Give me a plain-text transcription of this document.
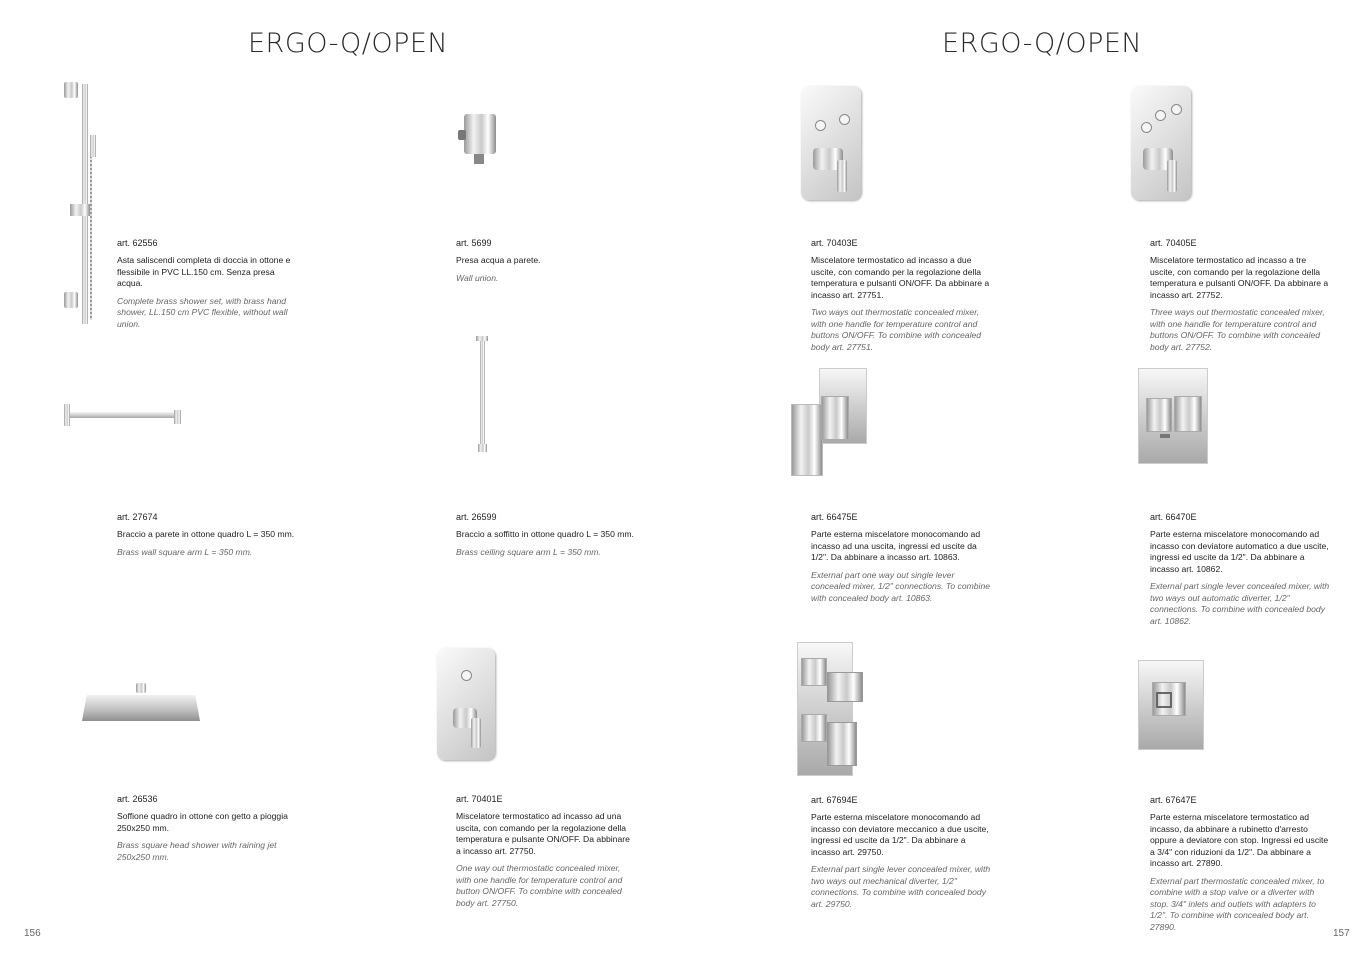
ERGO-Q/OPEN	ERGO-Q/OPEN
art. 62556
Asta saliscendi completa di doccia in ottone e flessibile in PVC LL.150 cm. Senza presa acqua.
Complete brass shower set, with brass hand shower, LL.150 cm PVC flexible, without wall union.
art. 5699
Presa acqua a parete.
Wall union.
art. 70403E
Miscelatore termostatico ad incasso a due uscite, con comando per la regolazione della temperatura e pulsanti ON/OFF. Da abbinare a incasso art. 27751.
Two ways out thermostatic concealed mixer, with one handle for temperature control and buttons ON/OFF. To combine with concealed body art. 27751.
art. 70405E
Miscelatore termostatico ad incasso a tre uscite, con comando per la regolazione della temperatura e pulsanti ON/OFF. Da abbinare a incasso art. 27752.
Three ways out thermostatic concealed mixer, with one handle for temperature control and buttons ON/OFF. To combine with concealed body art. 27752.
art. 27674
Braccio a parete in ottone quadro L = 350 mm.
Brass wall square arm L = 350 mm.
art. 26599
Braccio a soffitto in ottone quadro L = 350 mm.
Brass ceiling square arm L = 350 mm.
art. 66475E
Parte esterna miscelatore monocomando ad incasso ad una uscita, ingressi ed uscite da 1/2". Da abbinare a incasso art. 10863.
External part one way out single lever concealed mixer, 1/2" connections. To combine with concealed body art. 10863.
art. 66470E
Parte esterna miscelatore monocomando ad incasso con deviatore automatico a due uscite, ingressi ed uscite da 1/2". Da abbinare a incasso art. 10862.
External part single lever concealed mixer, with two ways out automatic diverter, 1/2" connections. To combine with concealed body art. 10862.
art. 26536
Soffione quadro in ottone con getto a pioggia 250x250 mm.
Brass square head shower with raining jet 250x250 mm.
art. 70401E
Miscelatore termostatico ad incasso ad una uscita, con comando per la regolazione della temperatura e pulsante ON/OFF. Da abbinare a incasso art. 27750.
One way out thermostatic concealed mixer, with one handle for temperature control and button ON/OFF. To combine with concealed body art. 27750.
art. 67694E
Parte esterna miscelatore monocomando ad incasso con deviatore meccanico a due uscite, ingressi ed uscite da 1/2". Da abbinare a incasso art. 29750.
External part single lever concealed mixer, with two ways out mechanical diverter, 1/2" connections. To combine with concealed body art. 29750.
art. 67647E
Parte esterna miscelatore termostatico ad incasso, da abbinare a rubinetto d'arresto oppure a deviatore con stop. Ingressi ed uscite a 3/4" con riduzioni da 1/2". Da abbinare a incasso art. 27890.
External part thermostatic concealed mixer, to combine with a stop valve or a diverter with stop. 3/4" inlets and outlets with adapters to 1/2". To combine with concealed body art. 27890.
156	157
